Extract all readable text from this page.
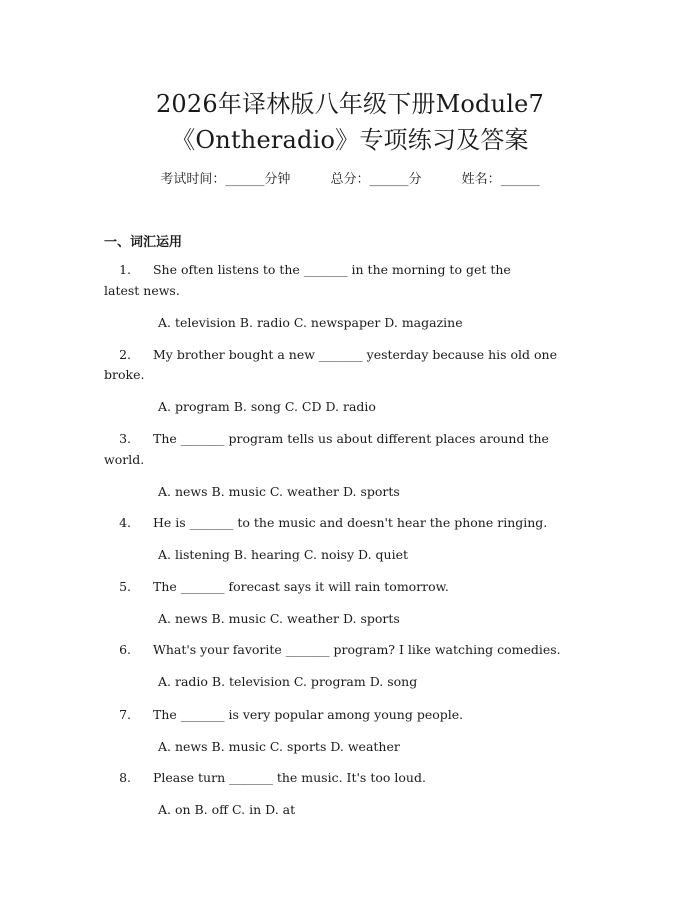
2026年译林版八年级下册Module7
《Ontheradio》专项练习及答案
考试时间：______分钟	总分：______分	姓名：______
一、词汇运用
1 . She often listens to the _______ in the morning to get the
latest news.
A. television B. radio C. newspaper D. magazine
2 . My brother bought a new _______ yesterday because his old one
broke.
A. program B. song C. CD D. radio
3 . The _______ program tells us about different places around the
world.
A. news B. music C. weather D. sports
4 . He is _______ to the music and doesn't hear the phone ringing.
A. listening B. hearing C. noisy D. quiet
5 . The _______ forecast says it will rain tomorrow.
A. news B. music C. weather D. sports
6 . What's your favorite _______ program? I like watching comedies.
A. radio B. television C. program D. song
7 . The _______ is very popular among young people.
A. news B. music C. sports D. weather
8 . Please turn _______ the music. It's too loud.
A. on B. off C. in D. at
